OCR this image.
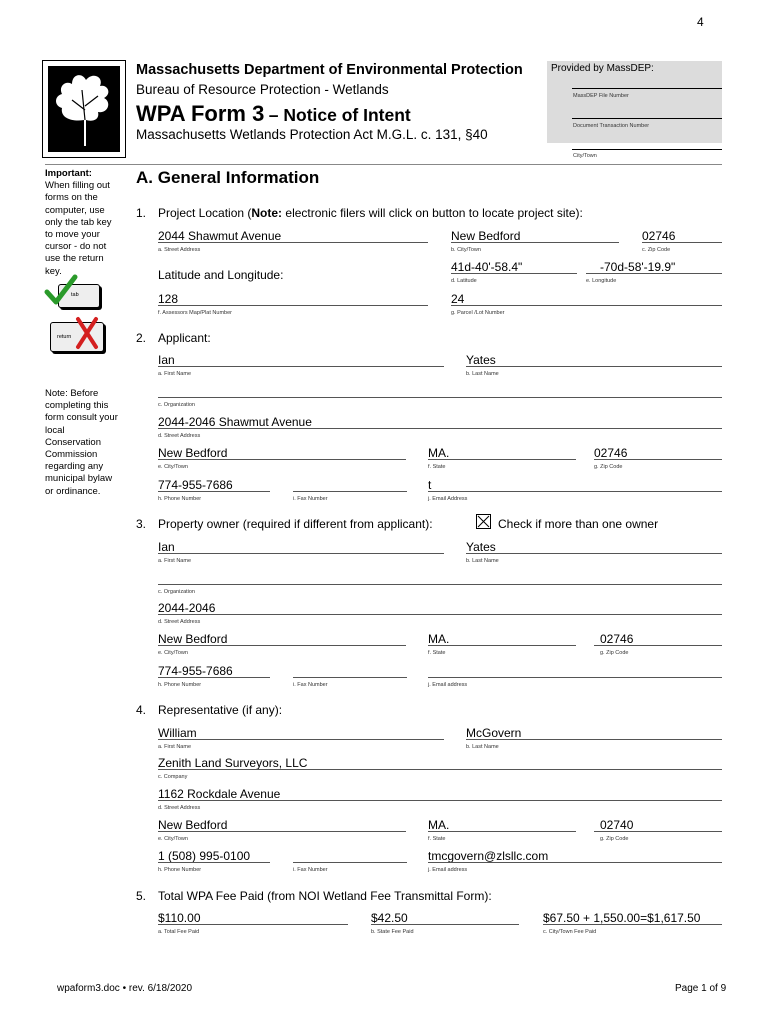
4
Massachusetts Department of Environmental Protection
Bureau of Resource Protection - Wetlands
WPA Form 3 – Notice of Intent
Massachusetts Wetlands Protection Act M.G.L. c. 131, §40
Provided by MassDEP:
MassDEP File Number
Document Transaction Number
City/Town
Important:
When filling out forms on the computer, use only the tab key to move your cursor - do not use the return key.
tab
return
Note: Before completing this form consult your local Conservation Commission regarding any municipal bylaw or ordinance.
A. General Information
1. Project Location (Note: electronic filers will click on button to locate project site):
2044 Shawmut Avenue
a. Street Address
New Bedford
b. City/Town
02746
c. Zip Code
Latitude and Longitude:
41d-40'-58.4"
d. Latitude
-70d-58'-19.9"
e. Longitude
128
f. Assessors Map/Plat Number
24
g. Parcel /Lot Number
2. Applicant:
Ian
a. First Name
Yates
b. Last Name
c. Organization
2044-2046 Shawmut Avenue
d. Street Address
New Bedford
e. City/Town
MA.
f. State
02746
g. Zip Code
774-955-7686
h. Phone Number	i. Fax Number
t
j. Email Address
3. Property owner (required if different from applicant):	Check if more than one owner
Ian
a. First Name
Yates
b. Last Name
c. Organization
2044-2046
d. Street Address
New Bedford
e. City/Town
MA.
f. State
02746
g. Zip Code
774-955-7686
h. Phone Number	i. Fax Number	j. Email address
4. Representative (if any):
William
a. First Name
McGovern
b. Last Name
Zenith Land Surveyors, LLC
c. Company
1162 Rockdale Avenue
d. Street Address
New Bedford
e. City/Town
MA.
f. State
02740
g. Zip Code
1 (508) 995-0100
h. Phone Number	i. Fax Number
tmcgovern@zlsllc.com
j. Email address
5. Total WPA Fee Paid (from NOI Wetland Fee Transmittal Form):
$110.00
a. Total Fee Paid
$42.50
b. State Fee Paid
$67.50 + 1,550.00=$1,617.50
c. City/Town Fee Paid
wpaform3.doc • rev. 6/18/2020	Page 1 of 9
